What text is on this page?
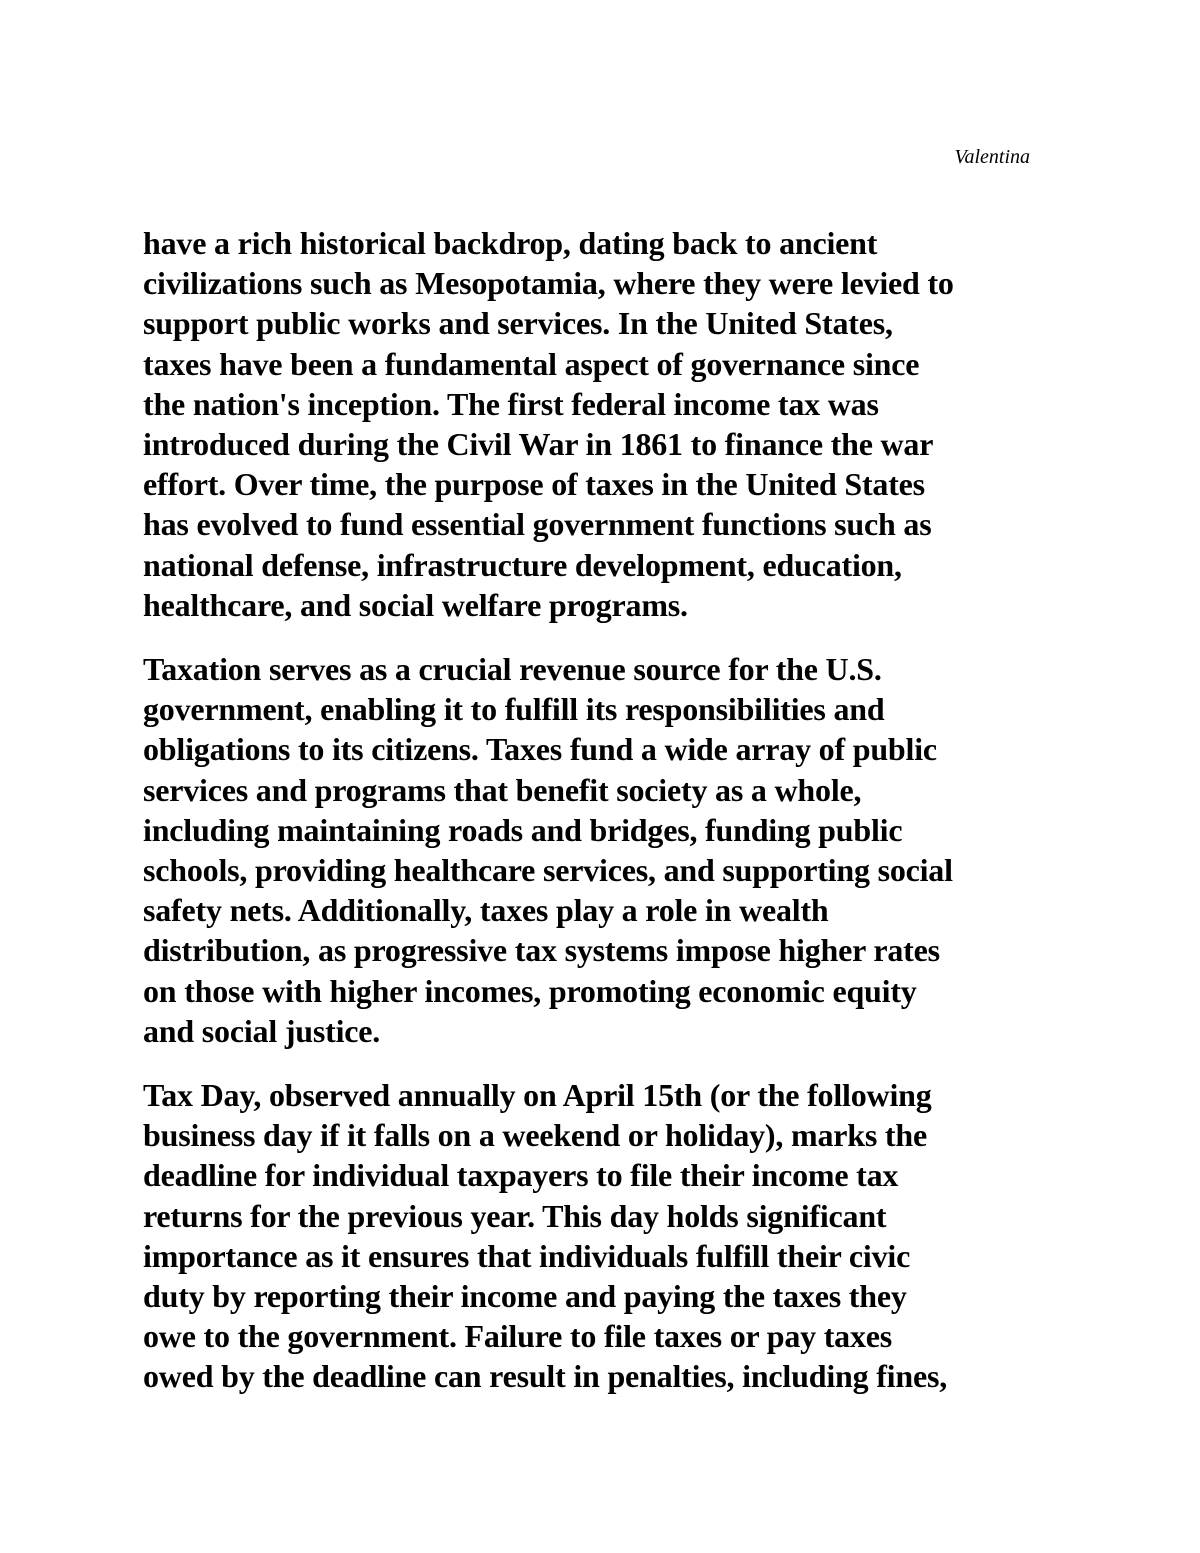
Valentina

have a rich historical backdrop, dating back to ancient
civilizations such as Mesopotamia, where they were levied to
support public works and services. In the United States,
taxes have been a fundamental aspect of governance since
the nation's inception. The first federal income tax was
introduced during the Civil War in 1861 to finance the war
effort. Over time, the purpose of taxes in the United States
has evolved to fund essential government functions such as
national defense, infrastructure development, education,
healthcare, and social welfare programs.

Taxation serves as a crucial revenue source for the U.S.
government, enabling it to fulfill its responsibilities and
obligations to its citizens. Taxes fund a wide array of public
services and programs that benefit society as a whole,
including maintaining roads and bridges, funding public
schools, providing healthcare services, and supporting social
safety nets. Additionally, taxes play a role in wealth
distribution, as progressive tax systems impose higher rates
on those with higher incomes, promoting economic equity
and social justice.

Tax Day, observed annually on April 15th (or the following
business day if it falls on a weekend or holiday), marks the
deadline for individual taxpayers to file their income tax
returns for the previous year. This day holds significant
importance as it ensures that individuals fulfill their civic
duty by reporting their income and paying the taxes they
owe to the government. Failure to file taxes or pay taxes
owed by the deadline can result in penalties, including fines,
